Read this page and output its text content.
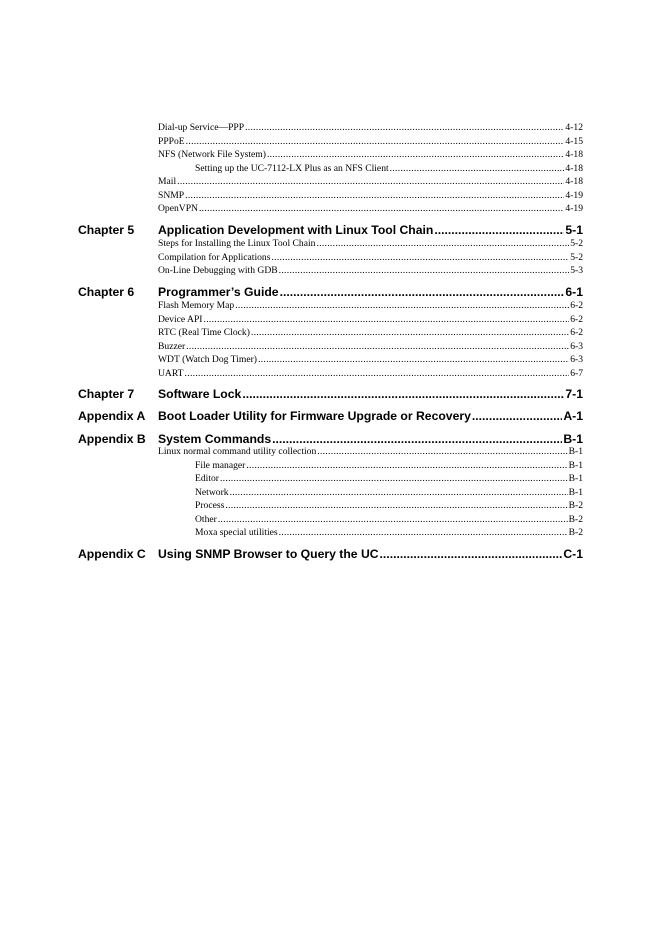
Dial-up Service—PPP .....	4-12
PPPoE .....	4-15
NFS (Network File System) .....	4-18
Setting up the UC-7112-LX Plus as an NFS Client .....	4-18
Mail .....	4-18
SNMP .....	4-19
OpenVPN .....	4-19
Chapter 5	Application Development with Linux Tool Chain .....	5-1
Steps for Installing the Linux Tool Chain .....	5-2
Compilation for Applications .....	5-2
On-Line Debugging with GDB .....	5-3
Chapter 6	Programmer’s Guide .....	6-1
Flash Memory Map .....	6-2
Device API .....	6-2
RTC (Real Time Clock) .....	6-2
Buzzer .....	6-3
WDT (Watch Dog Timer) .....	6-3
UART .....	6-7
Chapter 7	Software Lock .....	7-1
Appendix A	Boot Loader Utility for Firmware Upgrade or Recovery .....	A-1
Appendix B	System Commands .....	B-1
Linux normal command utility collection .....	B-1
File manager .....	B-1
Editor .....	B-1
Network .....	B-1
Process .....	B-2
Other .....	B-2
Moxa special utilities .....	B-2
Appendix C	Using SNMP Browser to Query the UC .....	C-1
